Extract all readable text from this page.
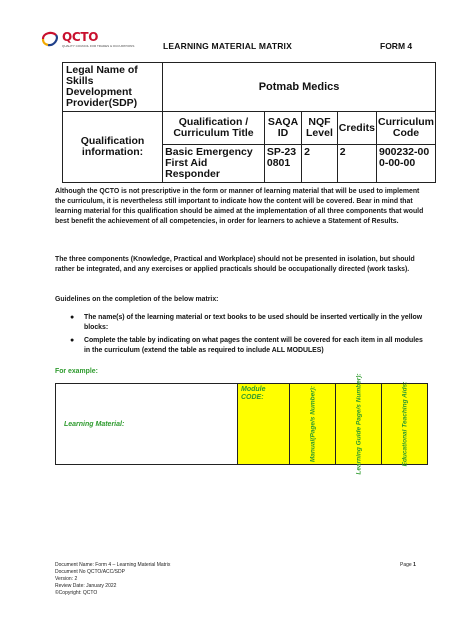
QCTO
QUALITY COUNCIL FOR TRADES & OCCUPATIONS	LEARNING MATERIAL MATRIX	FORM 4
Legal Name of Skills Development Provider(SDP)	Potmab Medics				
Qualification information:	Qualification / Curriculum Title	SAQA ID	NQF Level	Credits	Curriculum Code
	Basic Emergency First Aid Responder	SP-230801	2	2	900232-000-00-00

Although the QCTO is not prescriptive in the form or manner of learning material that will be used to implement the curriculum, it is nevertheless still important to indicate how the content will be covered. Bear in mind that learning material for this qualification should be aimed at the implementation of all three components that would best benefit the achievement of all competencies, in order for learners to achieve a Statement of Results.

The three components (Knowledge, Practical and Workplace) should not be presented in isolation, but should rather be integrated, and any exercises or applied practicals should be occupationally directed (work tasks).

Guidelines on the completion of the below matrix:

● The name(s) of the learning material or text books to be used should be inserted vertically in the yellow blocks:
● Complete the table by indicating on what pages the content will be covered for each item in all modules in the curriculum (extend the table as required to include ALL MODULES)
For example:
Learning Material:	Module CODE:	Manual(Page/s Number):	Learning Guide Page/s Number):	Educational Teaching Aids:
Document Name: Form 4 – Learning Material Matrix
Document No QCTO/ACC/SDP
Version: 2
Review Date: January 2022
©Copyright: QCTO
Page 1
